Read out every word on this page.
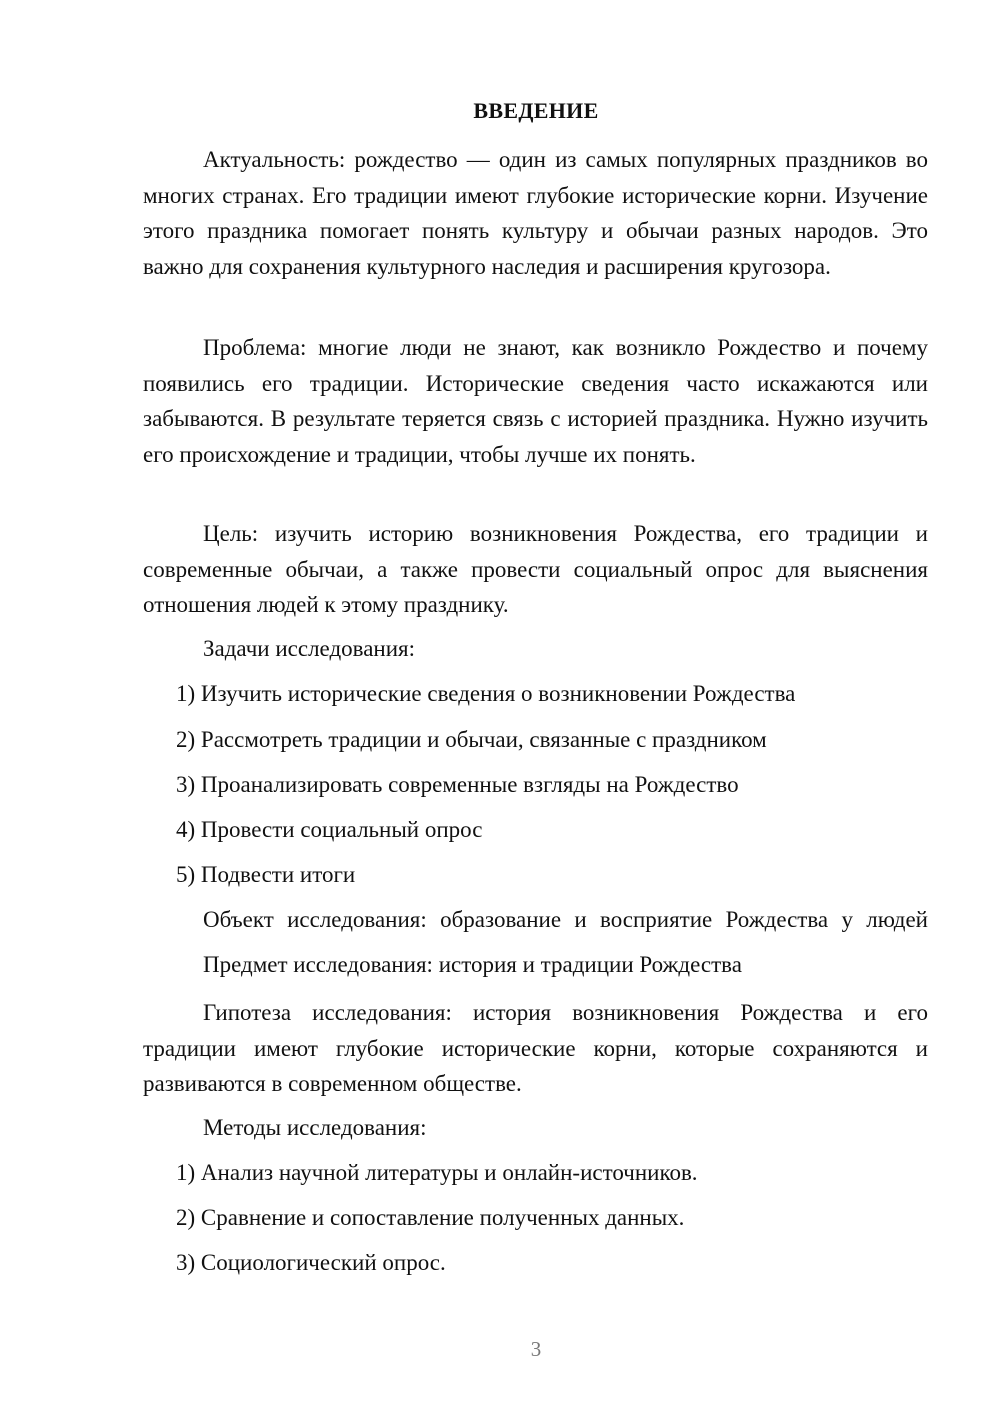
ВВЕДЕНИЕ

Актуальность: рождество — один из самых популярных праздников во многих странах. Его традиции имеют глубокие исторические корни. Изучение этого праздника помогает понять культуру и обычаи разных народов. Это важно для сохранения культурного наследия и расширения кругозора.

Проблема: многие люди не знают, как возникло Рождество и почему появились его традиции. Исторические сведения часто искажаются или забываются. В результате теряется связь с историей праздника. Нужно изучить его происхождение и традиции, чтобы лучше их понять.

Цель: изучить историю возникновения Рождества, его традиции и современные обычаи, а также провести социальный опрос для выяснения отношения людей к этому празднику.

Задачи исследования:
1) Изучить исторические сведения о возникновении Рождества
2) Рассмотреть традиции и обычаи, связанные с праздником
3) Проанализировать современные взгляды на Рождество
4) Провести социальный опрос
5) Подвести итоги
Объект исследования: образование и восприятие Рождества у людей
Предмет исследования: история и традиции Рождества

Гипотеза исследования: история возникновения Рождества и его традиции имеют глубокие исторические корни, которые сохраняются и развиваются в современном обществе.

Методы исследования:
1) Анализ научной литературы и онлайн-источников.
2) Сравнение и сопоставление полученных данных.
3) Социологический опрос.
3
